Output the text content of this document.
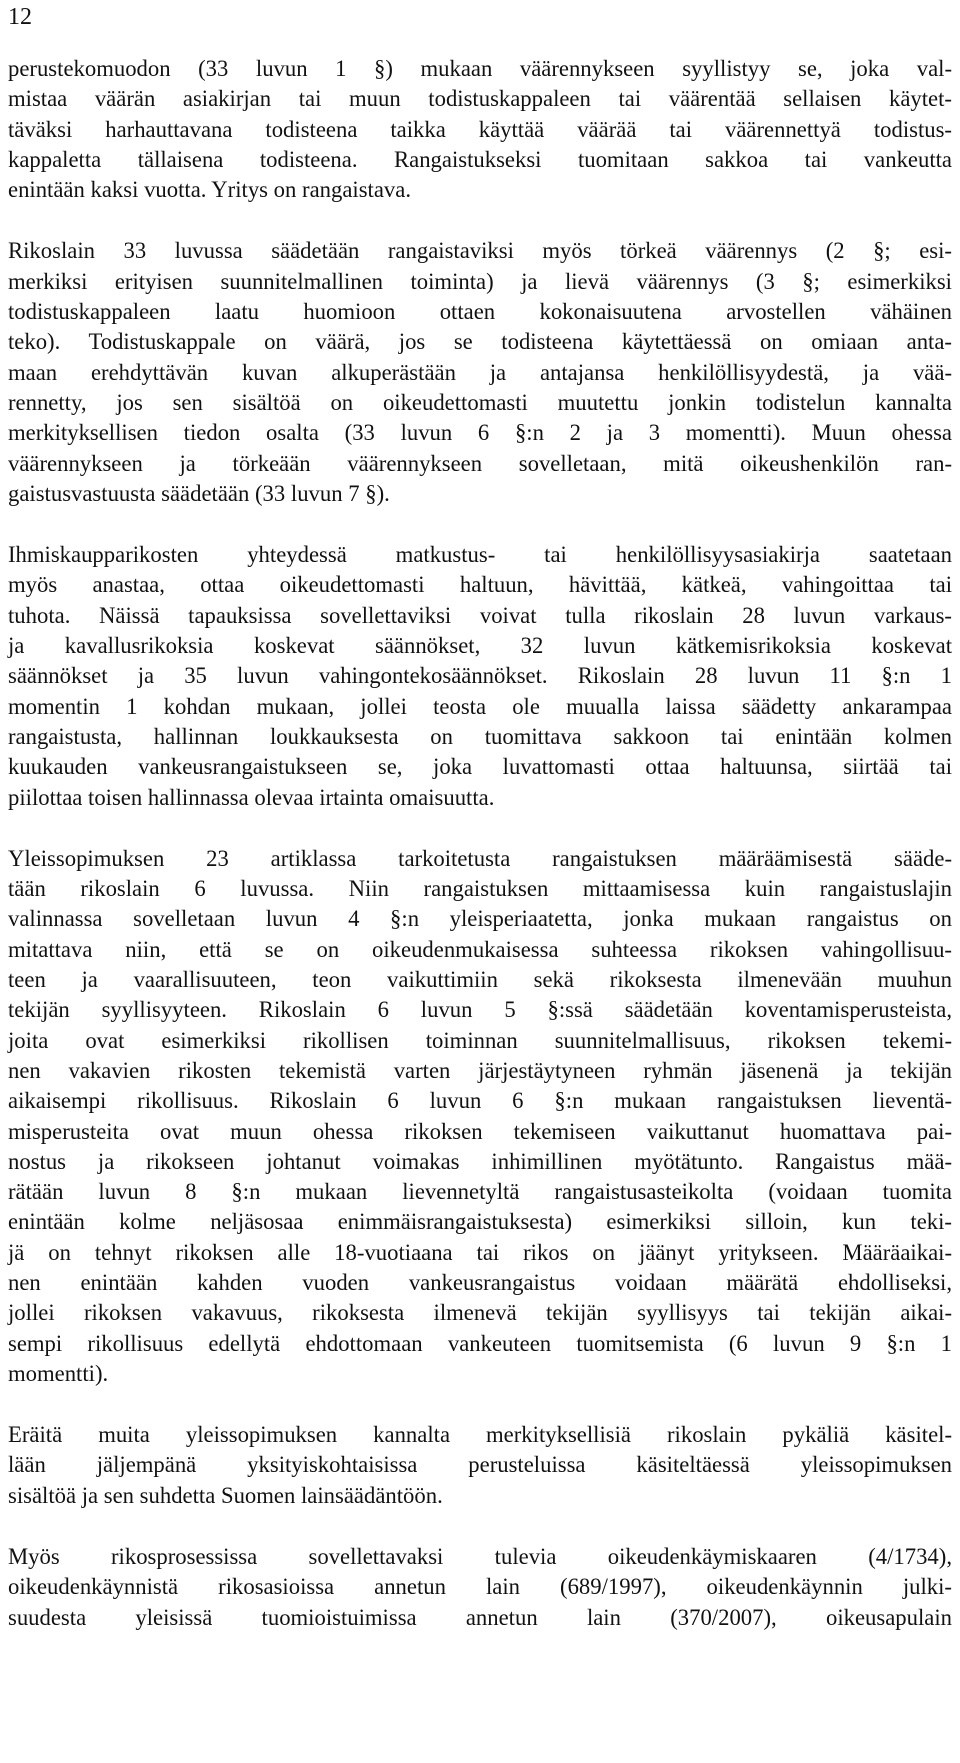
12

perustekomuodon (33 luvun 1 §) mukaan väärennykseen syyllistyy se, joka val-
mistaa väärän asiakirjan tai muun todistuskappaleen tai väärentää sellaisen käytet-
täväksi harhauttavana todisteena taikka käyttää väärää tai väärennettyä todistus-
kappaletta tällaisena todisteena. Rangaistukseksi tuomitaan sakkoa tai vankeutta
enintään kaksi vuotta. Yritys on rangaistava.

Rikoslain 33 luvussa säädetään rangaistaviksi myös törkeä väärennys (2 §; esi-
merkiksi erityisen suunnitelmallinen toiminta) ja lievä väärennys (3 §; esimerkiksi
todistuskappaleen laatu huomioon ottaen kokonaisuutena arvostellen vähäinen
teko). Todistuskappale on väärä, jos se todisteena käytettäessä on omiaan anta-
maan erehdyttävän kuvan alkuperästään ja antajansa henkilöllisyydestä, ja vää-
rennetty, jos sen sisältöä on oikeudettomasti muutettu jonkin todistelun kannalta
merkityksellisen tiedon osalta (33 luvun 6 §:n 2 ja 3 momentti). Muun ohessa
väärennykseen ja törkeään väärennykseen sovelletaan, mitä oikeushenkilön ran-
gaistusvastuusta säädetään (33 luvun 7 §).

Ihmiskaupparikosten yhteydessä matkustus- tai henkilöllisyysasiakirja saatetaan
myös anastaa, ottaa oikeudettomasti haltuun, hävittää, kätkeä, vahingoittaa tai
tuhota. Näissä tapauksissa sovellettaviksi voivat tulla rikoslain 28 luvun varkaus-
ja kavallusrikoksia koskevat säännökset, 32 luvun kätkemisrikoksia koskevat
säännökset ja 35 luvun vahingontekosäännökset. Rikoslain 28 luvun 11 §:n 1
momentin 1 kohdan mukaan, jollei teosta ole muualla laissa säädetty ankarampaa
rangaistusta, hallinnan loukkauksesta on tuomittava sakkoon tai enintään kolmen
kuukauden vankeusrangaistukseen se, joka luvattomasti ottaa haltuunsa, siirtää tai
piilottaa toisen hallinnassa olevaa irtainta omaisuutta.

Yleissopimuksen 23 artiklassa tarkoitetusta rangaistuksen määräämisestä sääde-
tään rikoslain 6 luvussa. Niin rangaistuksen mittaamisessa kuin rangaistuslajin
valinnassa sovelletaan luvun 4 §:n yleisperiaatetta, jonka mukaan rangaistus on
mitattava niin, että se on oikeudenmukaisessa suhteessa rikoksen vahingollisuu-
teen ja vaarallisuuteen, teon vaikuttimiin sekä rikoksesta ilmenevään muuhun
tekijän syyllisyyteen. Rikoslain 6 luvun 5 §:ssä säädetään koventamisperusteista,
joita ovat esimerkiksi rikollisen toiminnan suunnitelmallisuus, rikoksen tekemi-
nen vakavien rikosten tekemistä varten järjestäytyneen ryhmän jäsenenä ja tekijän
aikaisempi rikollisuus. Rikoslain 6 luvun 6 §:n mukaan rangaistuksen lieventä-
misperusteita ovat muun ohessa rikoksen tekemiseen vaikuttanut huomattava pai-
nostus ja rikokseen johtanut voimakas inhimillinen myötätunto. Rangaistus mää-
rätään luvun 8 §:n mukaan lievennetyltä rangaistusasteikolta (voidaan tuomita
enintään kolme neljäsosaa enimmäisrangaistuksesta) esimerkiksi silloin, kun teki-
jä on tehnyt rikoksen alle 18-vuotiaana tai rikos on jäänyt yritykseen. Määräaikai-
nen enintään kahden vuoden vankeusrangaistus voidaan määrätä ehdolliseksi,
jollei rikoksen vakavuus, rikoksesta ilmenevä tekijän syyllisyys tai tekijän aikai-
sempi rikollisuus edellytä ehdottomaan vankeuteen tuomitsemista (6 luvun 9 §:n 1
momentti).

Eräitä muita yleissopimuksen kannalta merkityksellisiä rikoslain pykäliä käsitel-
lään jäljempänä yksityiskohtaisissa perusteluissa käsiteltäessä yleissopimuksen
sisältöä ja sen suhdetta Suomen lainsäädäntöön.

Myös rikosprosessissa sovellettavaksi tulevia oikeudenkäymiskaaren (4/1734),
oikeudenkäynnistä rikosasioissa annetun lain (689/1997), oikeudenkäynnin julki-
suudesta yleisissä tuomioistuimissa annetun lain (370/2007), oikeusapulain
